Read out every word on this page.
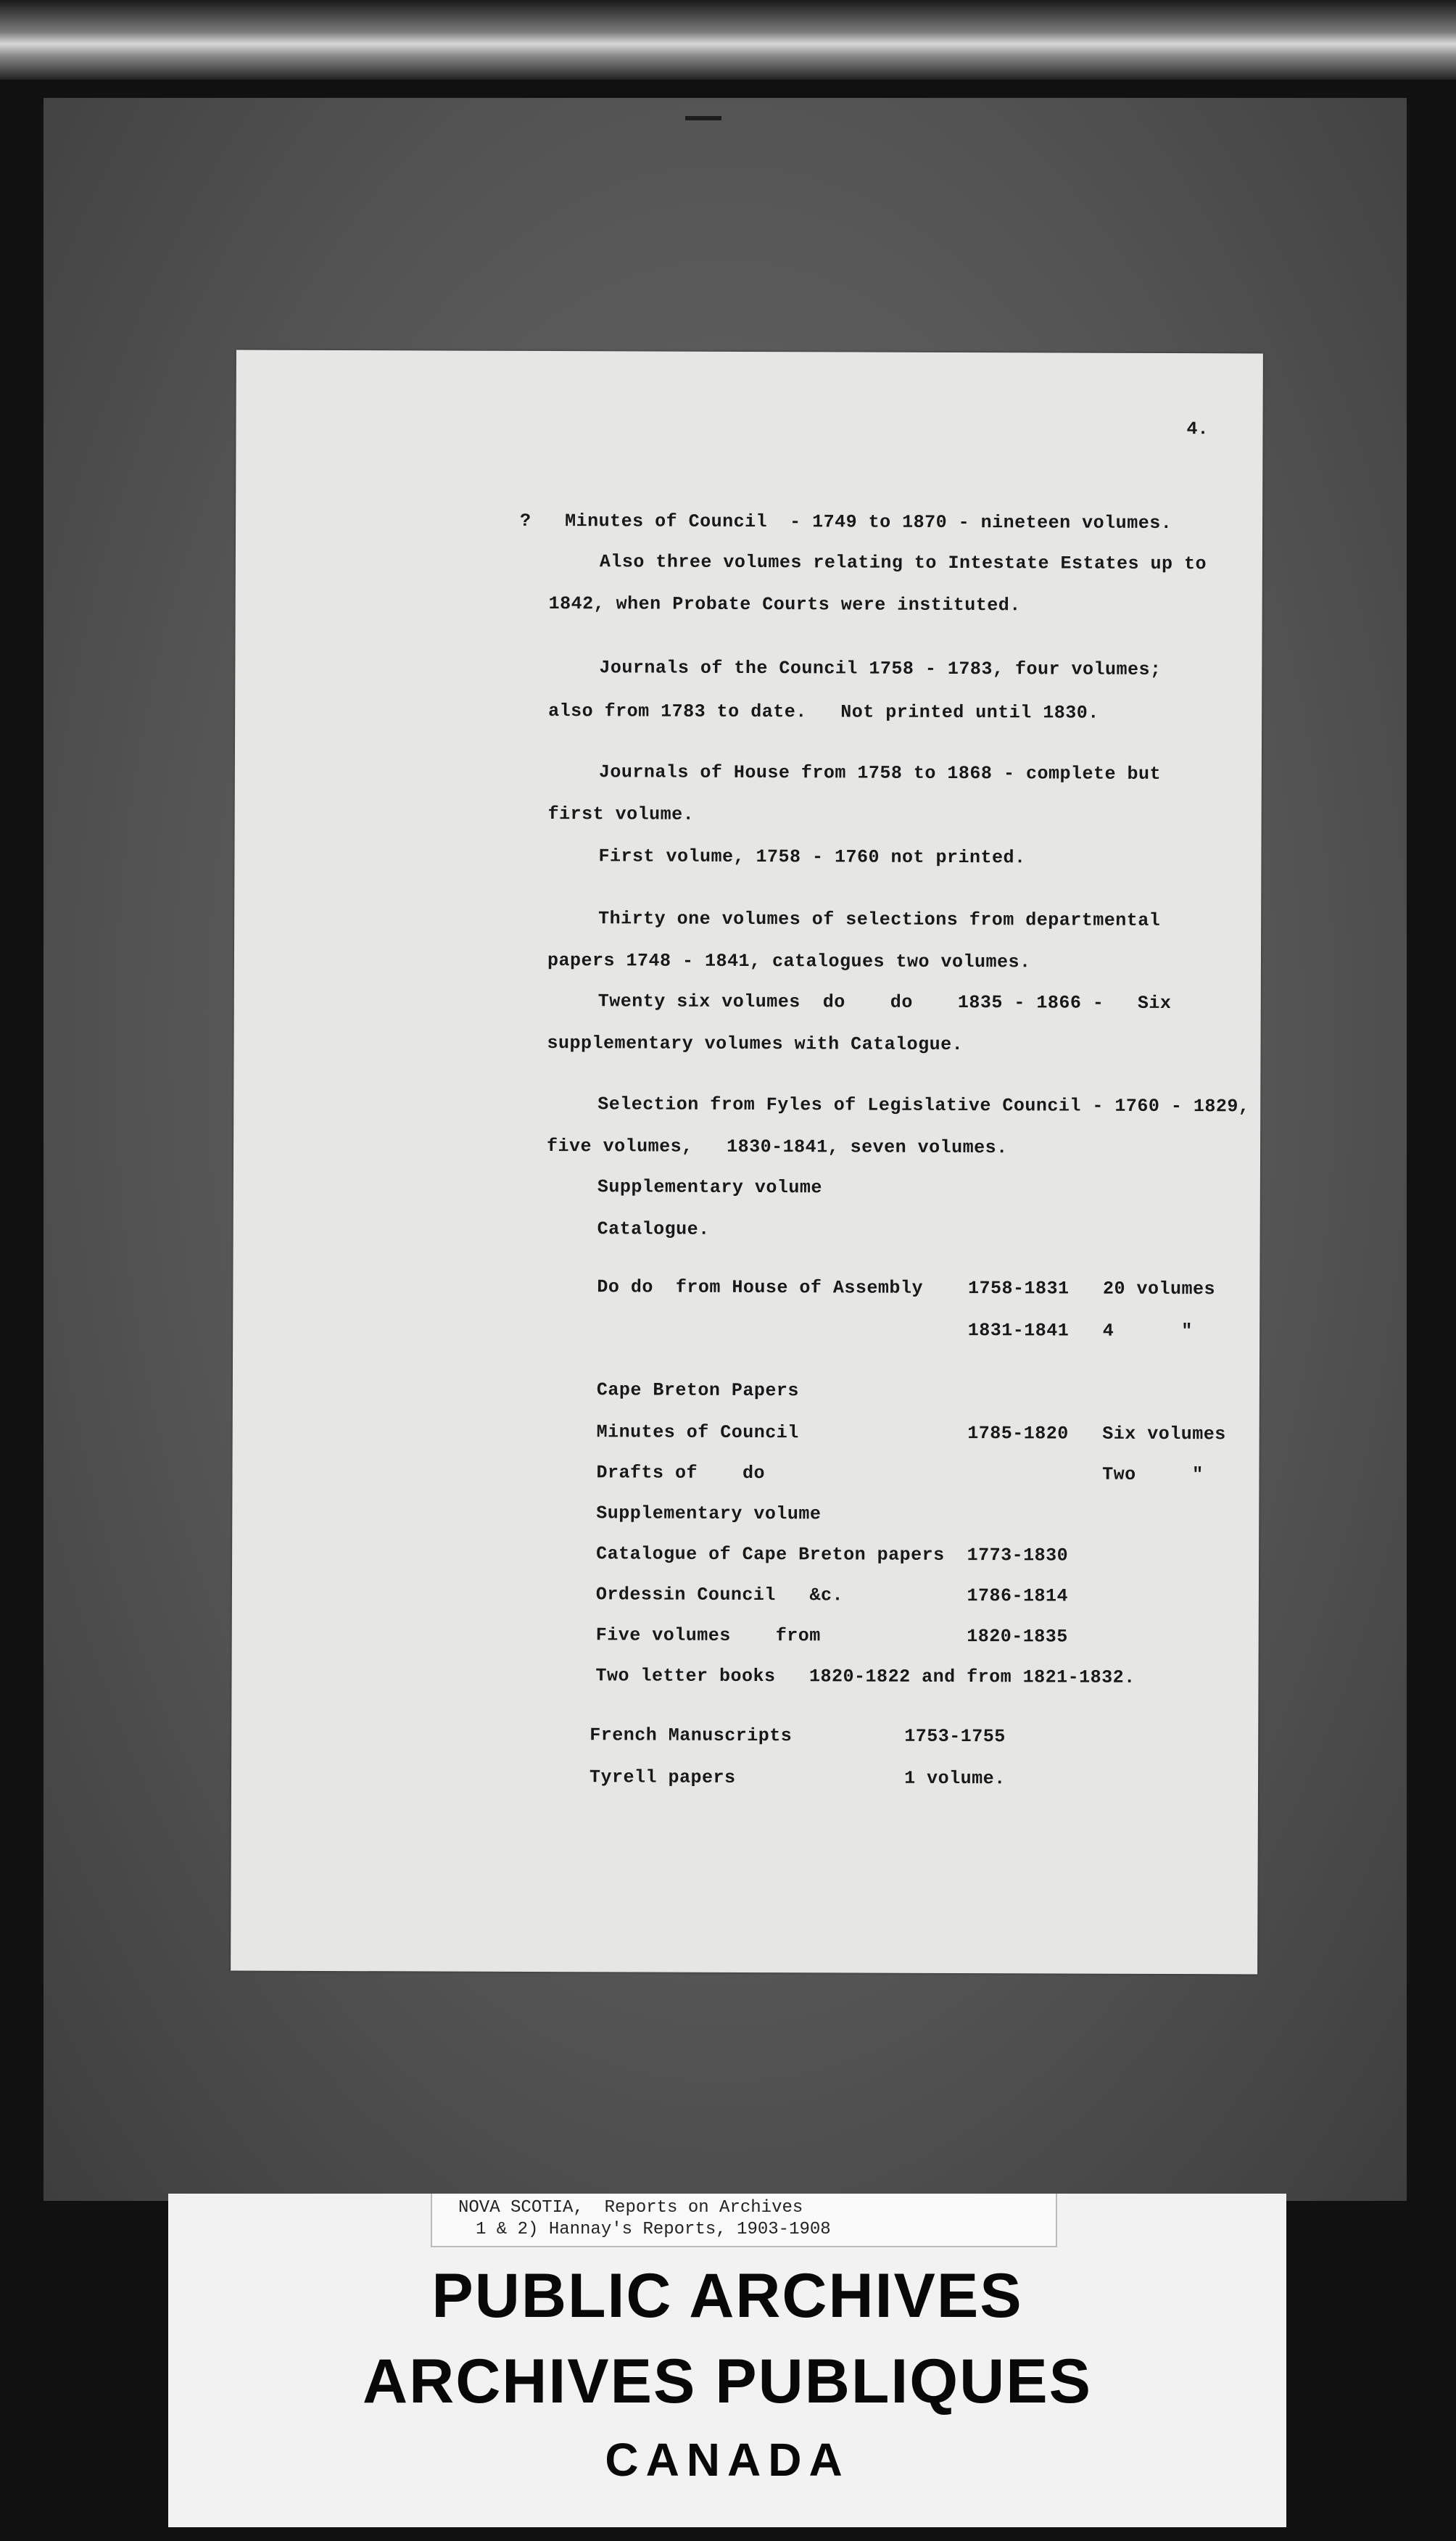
4.
?   Minutes of Council  - 1749 to 1870 - nineteen volumes.
Also three volumes relating to Intestate Estates up to
1842, when Probate Courts were instituted.
Journals of the Council 1758 - 1783, four volumes;
also from 1783 to date.   Not printed until 1830.
Journals of House from 1758 to 1868 - complete but
first volume.
First volume, 1758 - 1760 not printed.
Thirty one volumes of selections from departmental
papers 1748 - 1841, catalogues two volumes.
Twenty six volumes  do    do    1835 - 1866 -   Six
supplementary volumes with Catalogue.
Selection from Fyles of Legislative Council - 1760 - 1829,
five volumes,   1830-1841, seven volumes.
Supplementary volume
Catalogue.
Do do  from House of Assembly    1758-1831   20 volumes
1831-1841   4      "
Cape Breton Papers
Minutes of Council               1785-1820   Six volumes
Drafts of    do                              Two     "
Supplementary volume
Catalogue of Cape Breton papers  1773-1830
Ordessin Council   &c.           1786-1814
Five volumes    from             1820-1835
Two letter books   1820-1822 and from 1821-1832.
French Manuscripts          1753-1755
Tyrell papers               1 volume.
NOVA SCOTIA,  Reports on Archives
1 & 2) Hannay's Reports, 1903-1908
PUBLIC ARCHIVES
ARCHIVES PUBLIQUES
CANADA
